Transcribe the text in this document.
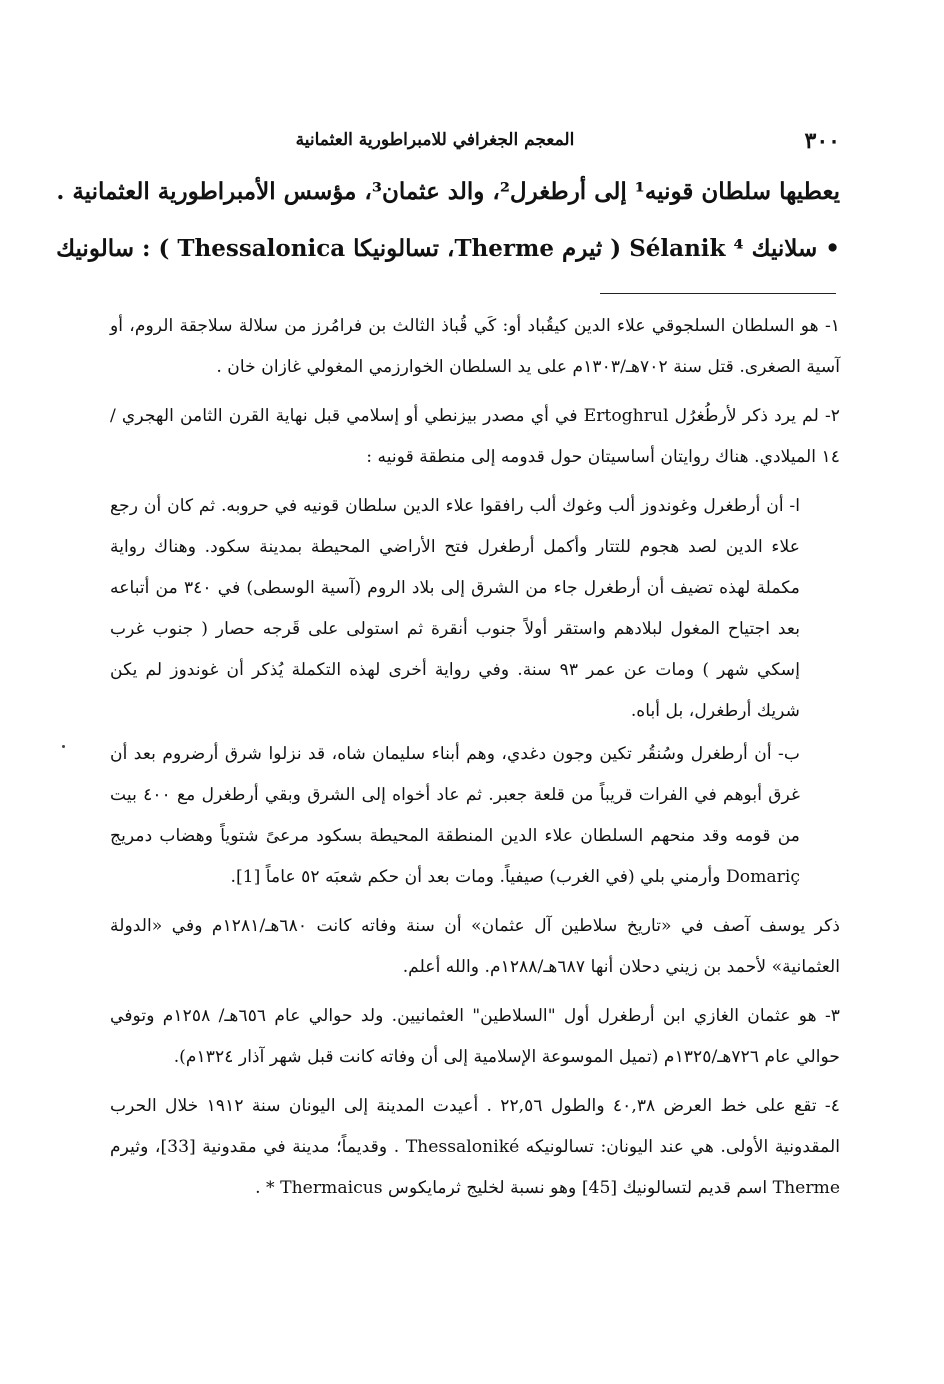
٣٠٠
المعجم الجغرافي للامبراطورية العثمانية
يعطيها سلطان قونيه¹ إلى أرطغرل²، والد عثمان³، مؤسس الأمبراطورية العثمانية .
• سلانيك Sélanik ⁴ ( ثيرم Therme، تسالونيكا Thessalonica ) : سالونيك

١- هو السلطان السلجوقي علاء الدين كيقُباد أو: كَي قُباذ الثالث بن فرامُرز من سلالة سلاجقة الروم، أو آسية الصغرى. قتل سنة ٧٠٢هـ/١٣٠٣م على يد السلطان الخوارزمي المغولي غازان خان .

٢- لم يرد ذكر لأرطُغرُل Ertoghrul في أي مصدر بيزنطي أو إسلامي قبل نهاية القرن الثامن الهجري / ١٤ الميلادي. هناك روايتان أساسيتان حول قدومه إلى منطقة قونيه :

ا- أن أرطغرل وغوندوز ألب وغوك ألب رافقوا علاء الدين سلطان قونيه في حروبه. ثم كان أن رجع علاء الدين لصد هجوم للتتار وأكمل أرطغرل فتح الأراضي المحيطة بمدينة سكود. وهناك رواية مكملة لهذه تضيف أن أرطغرل جاء من الشرق إلى بلاد الروم (آسية الوسطى) في ٣٤٠ من أتباعه بعد اجتياح المغول لبلادهم واستقر أولاً جنوب أنقرة ثم استولى على قَرجه حصار ( جنوب غرب إسكي شهر ) ومات عن عمر ٩٣ سنة. وفي رواية أخرى لهذه التكملة يُذكر أن غوندوز لم يكن شريك أرطغرل، بل أباه.

ب- أن أرطغرل وسُنقُر تكين وجون دغدي، وهم أبناء سليمان شاه، قد نزلوا شرق أرضروم بعد أن غرق أبوهم في الفرات قريباً من قلعة جعبر. ثم عاد أخواه إلى الشرق وبقي أرطغرل مع ٤٠٠ بيت من قومه وقد منحهم السلطان علاء الدين المنطقة المحيطة بسكود مرعىً شتوياً وهضاب دمريج Domariç وأرمني بلي (في الغرب) صيفياً. ومات بعد أن حكم شعبَه ٥٢ عاماً [1].

ذكر يوسف آصف في «تاريخ سلاطين آل عثمان» أن سنة وفاته كانت ٦٨٠هـ/١٢٨١م وفي «الدولة العثمانية» لأحمد بن زيني دحلان أنها ٦٨٧هـ/١٢٨٨م. والله أعلم.

٣- هو عثمان الغازي ابن أرطغرل أول "السلاطين" العثمانيين. ولد حوالي عام ٦٥٦هـ/ ١٢٥٨م وتوفي حوالي عام ٧٢٦هـ/١٣٢٥م (تميل الموسوعة الإسلامية إلى أن وفاته كانت قبل شهر آذار ١٣٢٤م).

٤- تقع على خط العرض ٤٠,٣٨ والطول ٢٢,٥٦ . أعيدت المدينة إلى اليونان سنة ١٩١٢ خلال الحرب المقدونية الأولى. هي عند اليونان: تسالونيكه Thessaloniké . وقديماً؛ مدينة في مقدونية [33]، وثيرم Therme اسم قديم لتسالونيك [45] وهو نسبة لخليج ثرمايكوس Thermaicus * .
